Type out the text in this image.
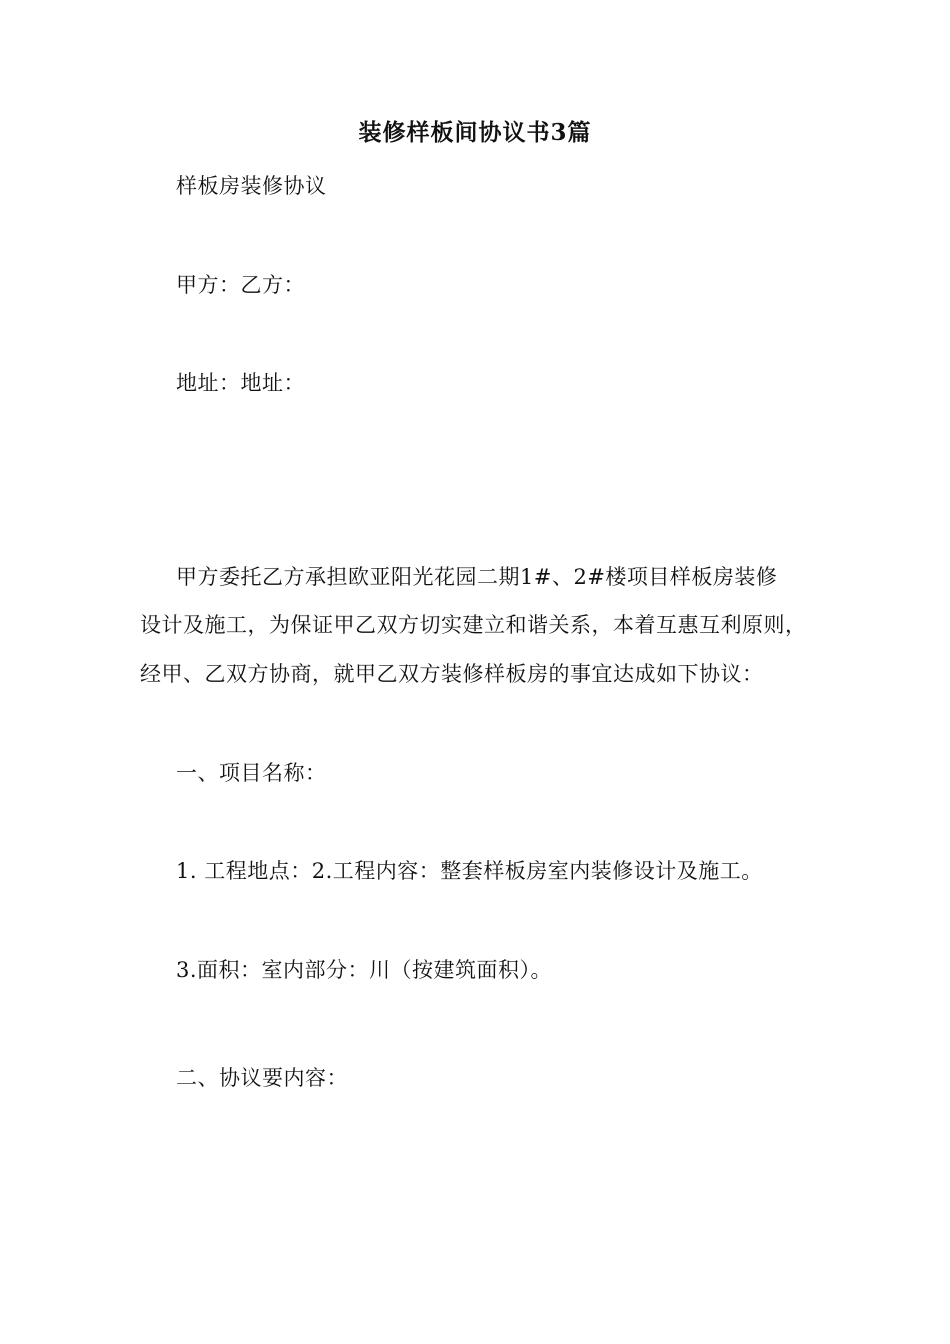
装修样板间协议书3篇

样板房装修协议

甲方：乙方：

地址：地址：

甲方委托乙方承担欧亚阳光花园二期1#、2#楼项目样板房装修

设计及施工，为保证甲乙双方切实建立和谐关系，本着互惠互利原则，

经甲、乙双方协商，就甲乙双方装修样板房的事宜达成如下协议：

一、项目名称：

1. 工程地点：2.工程内容：整套样板房室内装修设计及施工。

3.面积：室内部分：川（按建筑面积）。

二、协议要内容：
